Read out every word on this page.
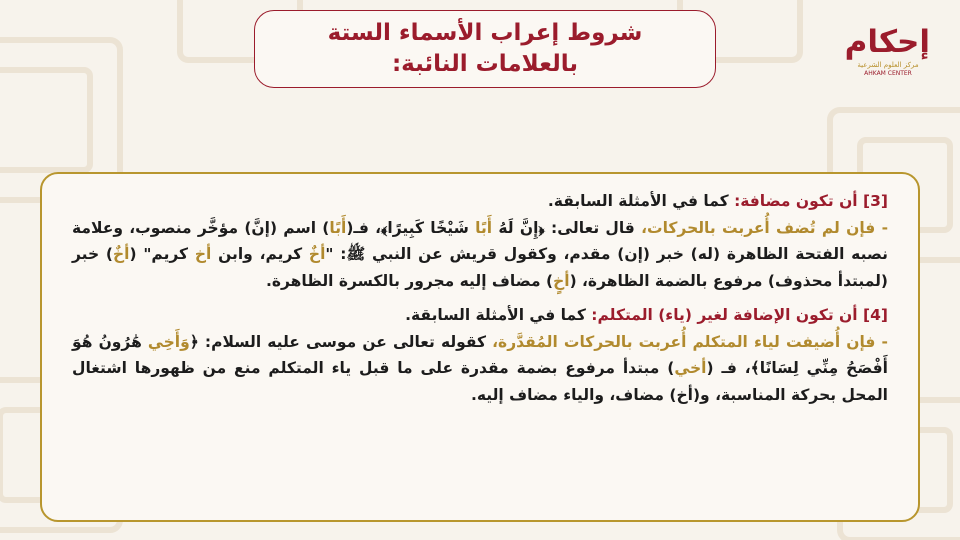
شروط إعراب الأسماء الستة
بالعلامات النائبة:
إحكام
مركز العلوم الشرعية
AHKAM CENTER

[3] أن تكون مضافة: كما في الأمثلة السابقة.
- فإن لم تُضف أُعربت بالحركات، قال تعالى: ﴿إِنَّ لَهُ أَبًا شَيْخًا كَبِيرًا﴾، فـ(أَبًا) اسم (إنَّ) مؤخَّر منصوب، وعلامة نصبه الفتحة الظاهرة (له) خبر (إن) مقدم، وكقول قريش عن النبي ﷺ: "أخٌ كريم، وابن أخ كريم" (أخٌ) خبر (لمبتدأ محذوف) مرفوع بالضمة الظاهرة، (أخٍ) مضاف إليه مجرور بالكسرة الظاهرة.

[4] أن تكون الإضافة لغير (ياء) المتكلم: كما في الأمثلة السابقة.
- فإن أُضيفت لياء المتكلم أُعربت بالحركات المُقدَّرة، كقوله تعالى عن موسى عليه السلام: ﴿وَأَخِي هَٰرُونُ هُوَ أَفْصَحُ مِنِّي لِسَانًا﴾، فـ (أخي) مبتدأ مرفوع بضمة مقدرة على ما قبل ياء المتكلم منع من ظهورها اشتغال المحل بحركة المناسبة، و(أخ) مضاف، والياء مضاف إليه.
